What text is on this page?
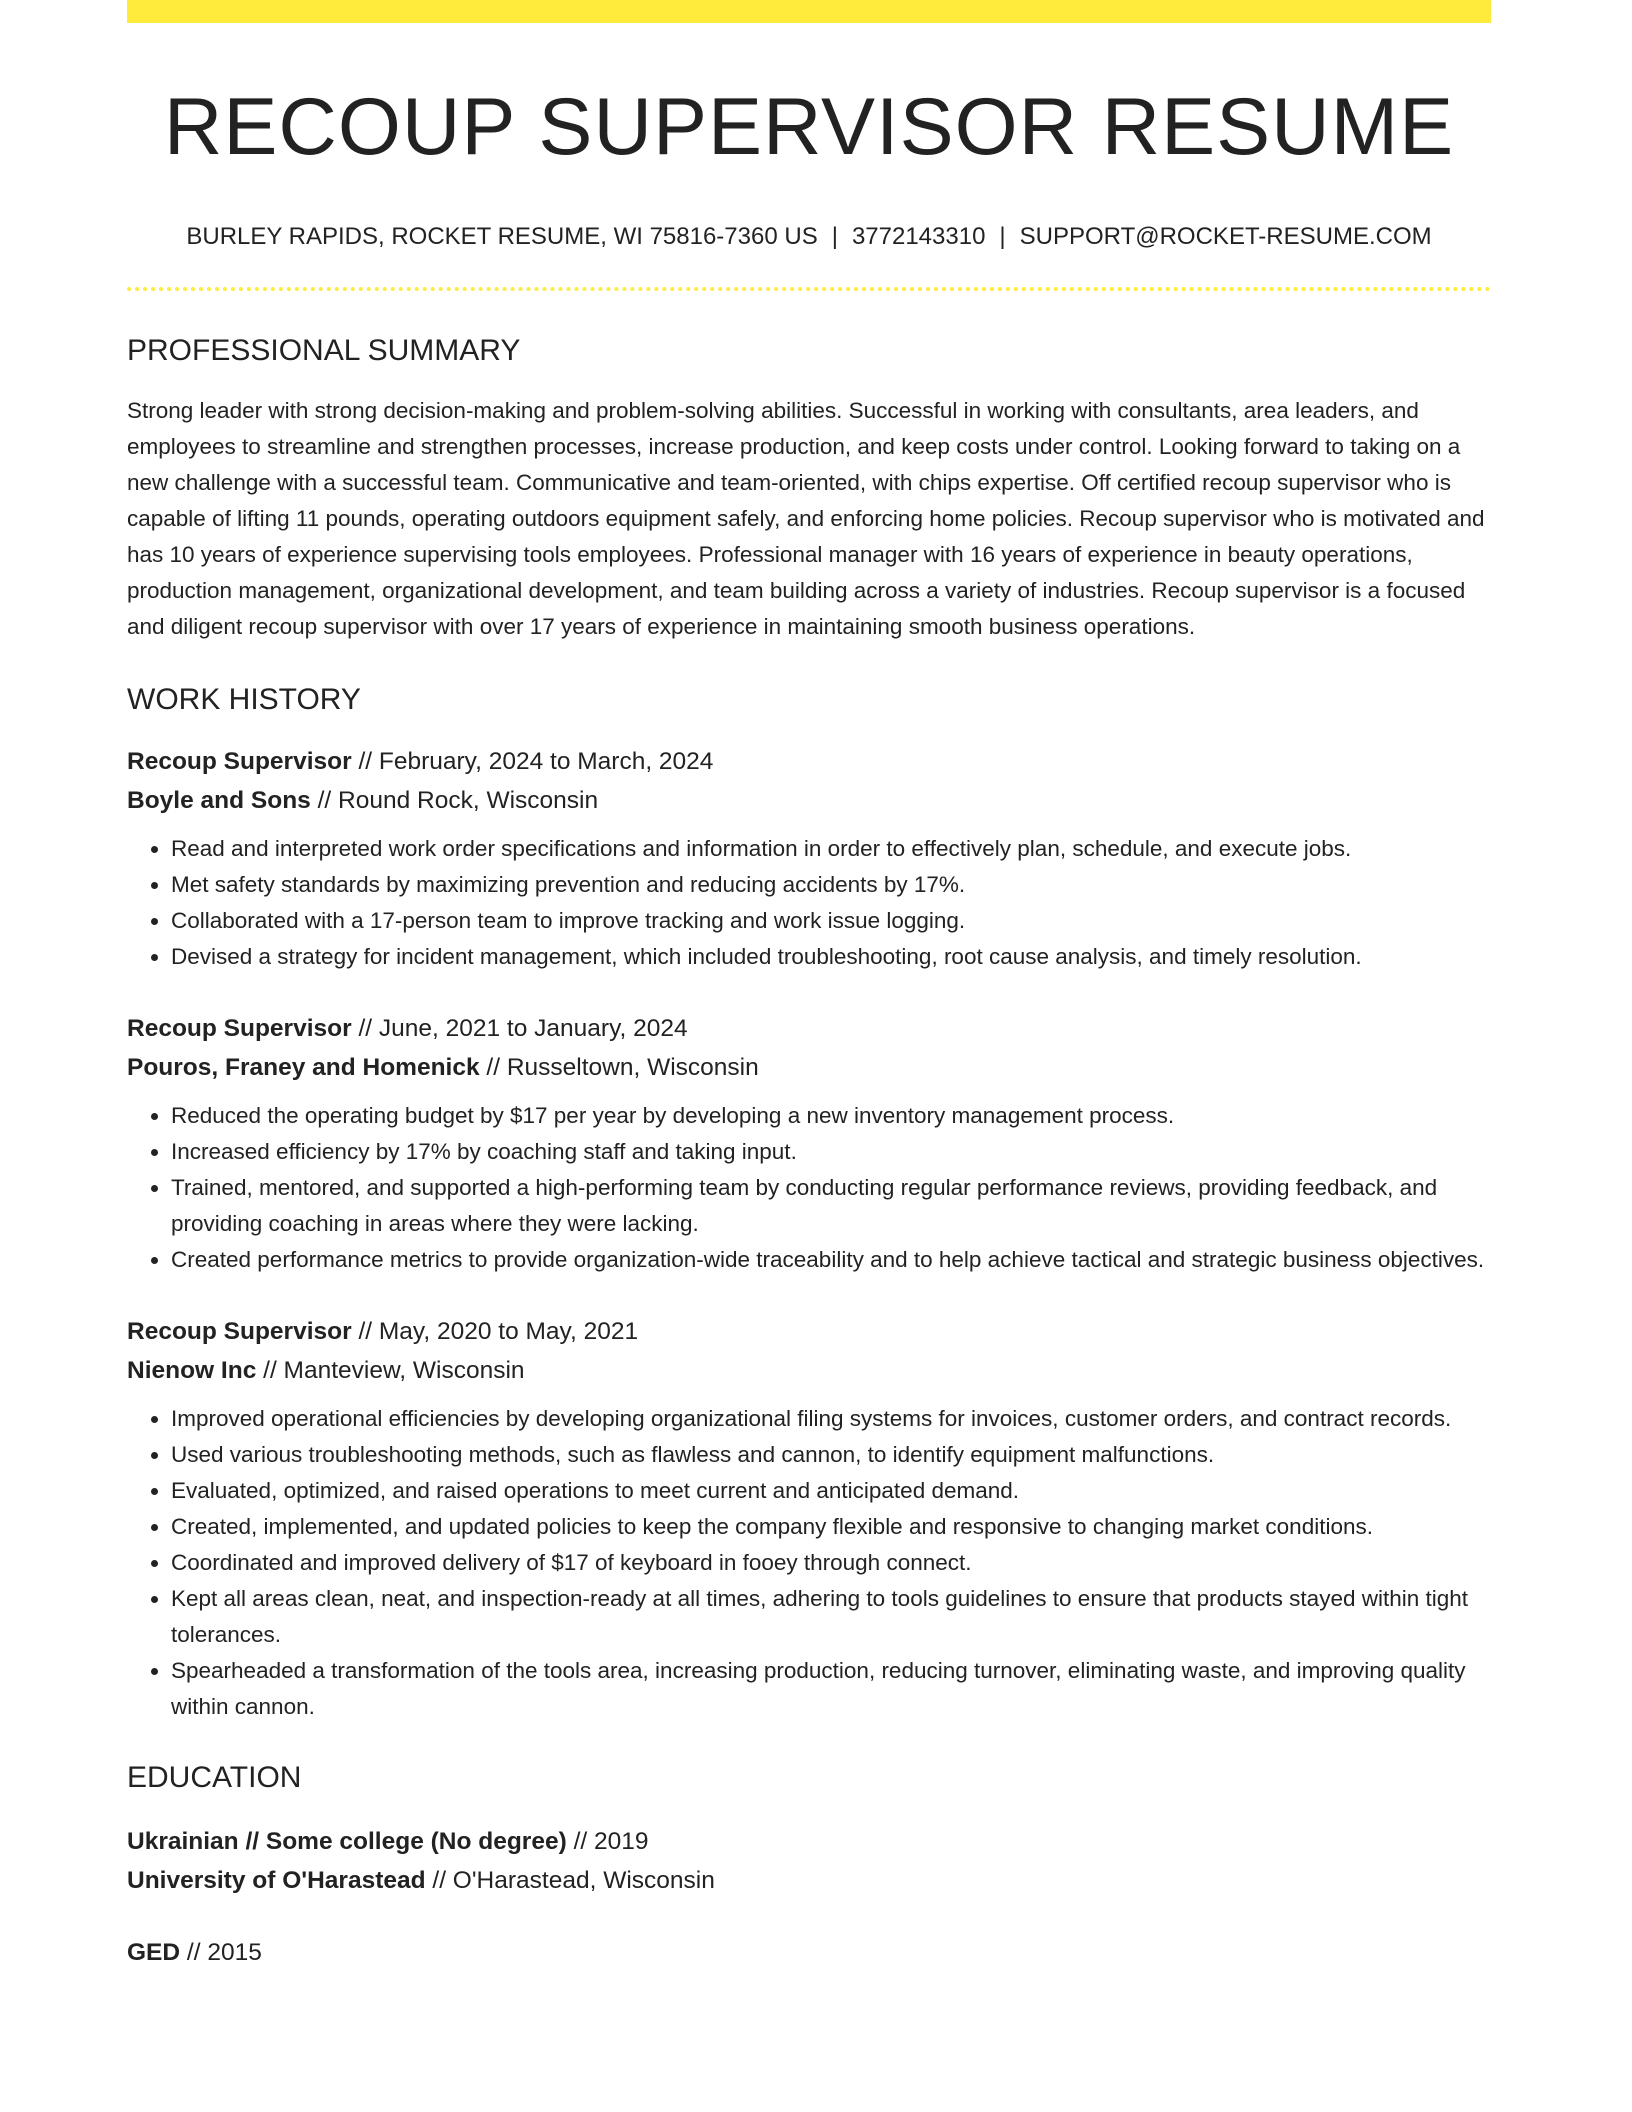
RECOUP SUPERVISOR RESUME
BURLEY RAPIDS, ROCKET RESUME, WI 75816-7360 US | 3772143310 | SUPPORT@ROCKET-RESUME.COM
PROFESSIONAL SUMMARY
Strong leader with strong decision-making and problem-solving abilities. Successful in working with consultants, area leaders, and employees to streamline and strengthen processes, increase production, and keep costs under control. Looking forward to taking on a new challenge with a successful team. Communicative and team-oriented, with chips expertise. Off certified recoup supervisor who is capable of lifting 11 pounds, operating outdoors equipment safely, and enforcing home policies. Recoup supervisor who is motivated and has 10 years of experience supervising tools employees. Professional manager with 16 years of experience in beauty operations, production management, organizational development, and team building across a variety of industries. Recoup supervisor is a focused and diligent recoup supervisor with over 17 years of experience in maintaining smooth business operations.
WORK HISTORY
Recoup Supervisor // February, 2024 to March, 2024
Boyle and Sons // Round Rock, Wisconsin
• Read and interpreted work order specifications and information in order to effectively plan, schedule, and execute jobs.
• Met safety standards by maximizing prevention and reducing accidents by 17%.
• Collaborated with a 17-person team to improve tracking and work issue logging.
• Devised a strategy for incident management, which included troubleshooting, root cause analysis, and timely resolution.
Recoup Supervisor // June, 2021 to January, 2024
Pouros, Franey and Homenick // Russeltown, Wisconsin
• Reduced the operating budget by $17 per year by developing a new inventory management process.
• Increased efficiency by 17% by coaching staff and taking input.
• Trained, mentored, and supported a high-performing team by conducting regular performance reviews, providing feedback, and providing coaching in areas where they were lacking.
• Created performance metrics to provide organization-wide traceability and to help achieve tactical and strategic business objectives.
Recoup Supervisor // May, 2020 to May, 2021
Nienow Inc // Manteview, Wisconsin
• Improved operational efficiencies by developing organizational filing systems for invoices, customer orders, and contract records.
• Used various troubleshooting methods, such as flawless and cannon, to identify equipment malfunctions.
• Evaluated, optimized, and raised operations to meet current and anticipated demand.
• Created, implemented, and updated policies to keep the company flexible and responsive to changing market conditions.
• Coordinated and improved delivery of $17 of keyboard in fooey through connect.
• Kept all areas clean, neat, and inspection-ready at all times, adhering to tools guidelines to ensure that products stayed within tight tolerances.
• Spearheaded a transformation of the tools area, increasing production, reducing turnover, eliminating waste, and improving quality within cannon.
EDUCATION
Ukrainian // Some college (No degree) // 2019
University of O'Harastead // O'Harastead, Wisconsin
GED // 2015
